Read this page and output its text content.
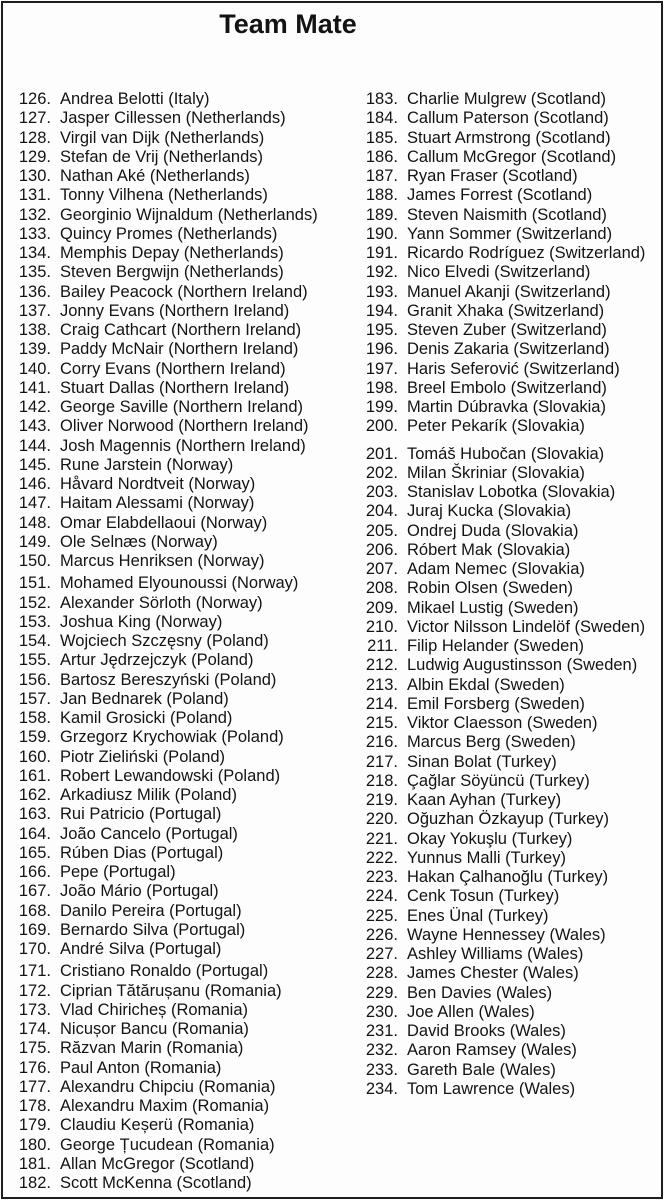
Team Mate
126. Andrea Belotti (Italy)
127. Jasper Cillessen (Netherlands)
128. Virgil van Dijk (Netherlands)
129. Stefan de Vrij (Netherlands)
130. Nathan Aké (Netherlands)
131. Tonny Vilhena (Netherlands)
132. Georginio Wijnaldum (Netherlands)
133. Quincy Promes (Netherlands)
134. Memphis Depay (Netherlands)
135. Steven Bergwijn (Netherlands)
136. Bailey Peacock (Northern Ireland)
137. Jonny Evans (Northern Ireland)
138. Craig Cathcart (Northern Ireland)
139. Paddy McNair (Northern Ireland)
140. Corry Evans (Northern Ireland)
141. Stuart Dallas (Northern Ireland)
142. George Saville (Northern Ireland)
143. Oliver Norwood (Northern Ireland)
144. Josh Magennis (Northern Ireland)
145. Rune Jarstein (Norway)
146. Håvard Nordtveit (Norway)
147. Haitam Alessami (Norway)
148. Omar Elabdellaoui (Norway)
149. Ole Selnæs (Norway)
150. Marcus Henriksen (Norway)
151. Mohamed Elyounoussi (Norway)
152. Alexander Sörloth (Norway)
153. Joshua King (Norway)
154. Wojciech Szczęsny (Poland)
155. Artur Jędrzejczyk (Poland)
156. Bartosz Bereszyński (Poland)
157. Jan Bednarek (Poland)
158. Kamil Grosicki (Poland)
159. Grzegorz Krychowiak (Poland)
160. Piotr Zieliński (Poland)
161. Robert Lewandowski (Poland)
162. Arkadiusz Milik (Poland)
163. Rui Patricio (Portugal)
164. João Cancelo (Portugal)
165. Rúben Dias (Portugal)
166. Pepe (Portugal)
167. João Mário (Portugal)
168. Danilo Pereira (Portugal)
169. Bernardo Silva (Portugal)
170. André Silva (Portugal)
171. Cristiano Ronaldo (Portugal)
172. Ciprian Tătărușanu (Romania)
173. Vlad Chiricheș (Romania)
174. Nicușor Bancu (Romania)
175. Răzvan Marin (Romania)
176. Paul Anton (Romania)
177. Alexandru Chipciu (Romania)
178. Alexandru Maxim (Romania)
179. Claudiu Keșerü (Romania)
180. George Țucudean (Romania)
181. Allan McGregor (Scotland)
182. Scott McKenna (Scotland)
183. Charlie Mulgrew (Scotland)
184. Callum Paterson (Scotland)
185. Stuart Armstrong (Scotland)
186. Callum McGregor (Scotland)
187. Ryan Fraser (Scotland)
188. James Forrest (Scotland)
189. Steven Naismith (Scotland)
190. Yann Sommer (Switzerland)
191. Ricardo Rodríguez (Switzerland)
192. Nico Elvedi (Switzerland)
193. Manuel Akanji (Switzerland)
194. Granit Xhaka (Switzerland)
195. Steven Zuber (Switzerland)
196. Denis Zakaria (Switzerland)
197. Haris Seferović (Switzerland)
198. Breel Embolo (Switzerland)
199. Martin Dúbravka (Slovakia)
200. Peter Pekarík (Slovakia)
201. Tomáš Hubočan (Slovakia)
202. Milan Škriniar (Slovakia)
203. Stanislav Lobotka (Slovakia)
204. Juraj Kucka (Slovakia)
205. Ondrej Duda (Slovakia)
206. Róbert Mak (Slovakia)
207. Adam Nemec (Slovakia)
208. Robin Olsen (Sweden)
209. Mikael Lustig (Sweden)
210. Victor Nilsson Lindelöf (Sweden)
211. Filip Helander (Sweden)
212. Ludwig Augustinsson (Sweden)
213. Albin Ekdal (Sweden)
214. Emil Forsberg (Sweden)
215. Viktor Claesson (Sweden)
216. Marcus Berg (Sweden)
217. Sinan Bolat (Turkey)
218. Çağlar Söyüncü (Turkey)
219. Kaan Ayhan (Turkey)
220. Oğuzhan Özkayup (Turkey)
221. Okay Yokuşlu (Turkey)
222. Yunnus Malli (Turkey)
223. Hakan Çalhanoğlu (Turkey)
224. Cenk Tosun (Turkey)
225. Enes Ünal (Turkey)
226. Wayne Hennessey (Wales)
227. Ashley Williams (Wales)
228. James Chester (Wales)
229. Ben Davies (Wales)
230. Joe Allen (Wales)
231. David Brooks (Wales)
232. Aaron Ramsey (Wales)
233. Gareth Bale (Wales)
234. Tom Lawrence (Wales)
